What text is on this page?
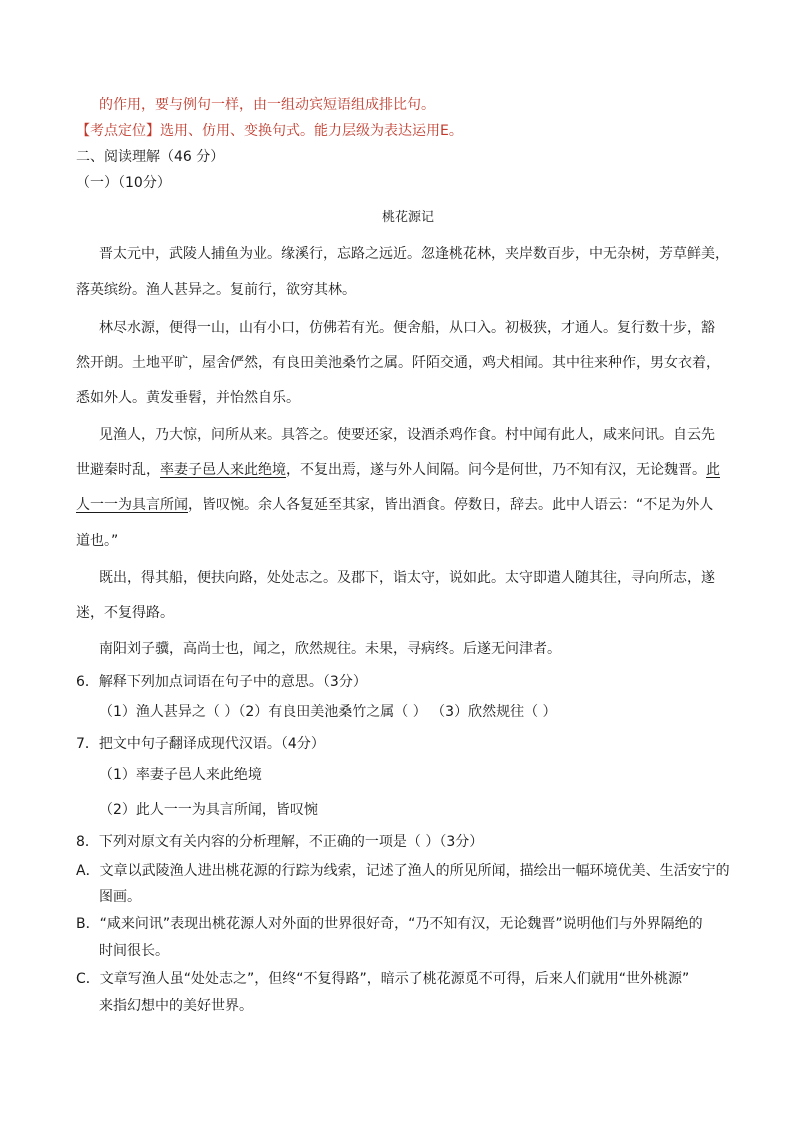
的作用，要与例句一样，由一组动宾短语组成排比句。
【考点定位】选用、仿用、变换句式。能力层级为表达运用E。
二、阅读理解（46 分）
（一）（10分）
桃花源记
晋太元中，武陵人捕鱼为业。缘溪行，忘路之远近。忽逢桃花林，夹岸数百步，中无杂树，芳草鲜美，
落英缤纷。渔人甚异之。复前行，欲穷其林。
林尽水源，便得一山，山有小口，仿佛若有光。便舍船，从口入。初极狭，才通人。复行数十步，豁
然开朗。土地平旷，屋舍俨然，有良田美池桑竹之属。阡陌交通，鸡犬相闻。其中往来种作，男女衣着，
悉如外人。黄发垂髫，并怡然自乐。
见渔人，乃大惊，问所从来。具答之。使要还家，设酒杀鸡作食。村中闻有此人，咸来问讯。自云先
世避秦时乱，率妻子邑人来此绝境，不复出焉，遂与外人间隔。问今是何世，乃不知有汉，无论魏晋。此
人一一为具言所闻，皆叹惋。余人各复延至其家，皆出酒食。停数日，辞去。此中人语云：“不足为外人
道也。”
既出，得其船，便扶向路，处处志之。及郡下，诣太守，说如此。太守即遣人随其往，寻向所志，遂
迷，不复得路。
南阳刘子骥，高尚士也，闻之，欣然规往。未果，寻病终。后遂无问津者。
6．解释下列加点词语在句子中的意思。（3分）
（1）渔人甚异之（ ）（2）有良田美池桑竹之属（ ） （3）欣然规往（ ）
7．把文中句子翻译成现代汉语。（4分）
（1）率妻子邑人来此绝境
（2）此人一一为具言所闻，皆叹惋
8．下列对原文有关内容的分析理解，不正确的一项是（ ）（3分）
A．文章以武陵渔人进出桃花源的行踪为线索，记述了渔人的所见所闻，描绘出一幅环境优美、生活安宁的
图画。
B．“咸来问讯”表现出桃花源人对外面的世界很好奇，“乃不知有汉，无论魏晋”说明他们与外界隔绝的
时间很长。
C．文章写渔人虽“处处志之”，但终“不复得路”，暗示了桃花源觅不可得，后来人们就用“世外桃源”
来指幻想中的美好世界。
